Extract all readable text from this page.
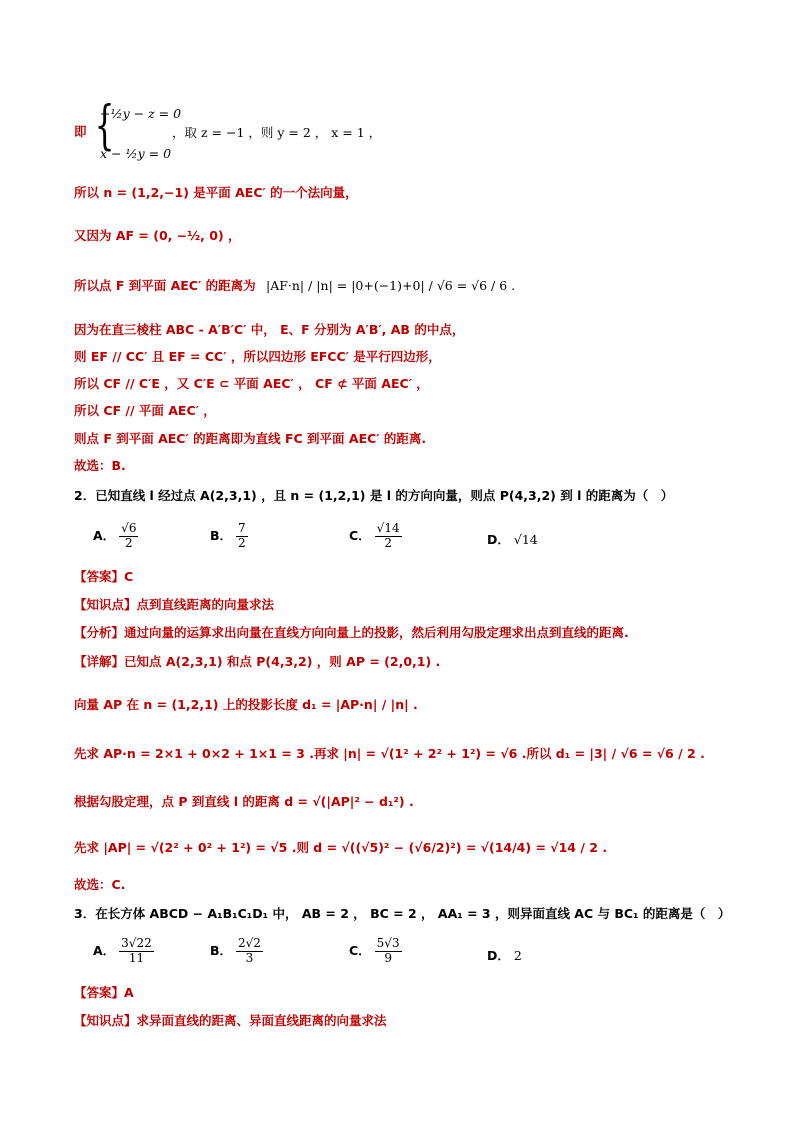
即 {
−½y − z = 0
x − ½y = 0
，取 z = −1 ，则 y = 2 ， x = 1 ，
所以 n = (1,2,−1) 是平面 AEC′ 的一个法向量，
又因为 AF = (0, −½, 0) ，
所以点 F 到平面 AEC′ 的距离为 |AF·n| / |n| = |0+(−1)+0| / √6 = √6 / 6 .
因为在直三棱柱 ABC - A′B′C′ 中， E、F 分别为 A′B′, AB 的中点，
则 EF // CC′ 且 EF = CC′ ，所以四边形 EFCC′ 是平行四边形，
所以 CF // C′E ，又 C′E ⊂ 平面 AEC′ ， CF ⊄ 平面 AEC′ ，
所以 CF // 平面 AEC′ ，
则点 F 到平面 AEC′ 的距离即为直线 FC 到平面 AEC′ 的距离.
故选：B.
2．已知直线 l 经过点 A(2,3,1) ，且 n = (1,2,1) 是 l 的方向向量，则点 P(4,3,2) 到 l 的距离为（　）
A． $\frac{√6}{2}$	B． $\frac{7}{2}$	C． $\frac{√14}{2}$	D． √14
【答案】C
【知识点】点到直线距离的向量求法
【分析】通过向量的运算求出向量在直线方向向量上的投影，然后利用勾股定理求出点到直线的距离.
【详解】已知点 A(2,3,1) 和点 P(4,3,2) ，则 AP = (2,0,1) .
向量 AP 在 n = (1,2,1) 上的投影长度 d₁ = |AP·n| / |n| .
先求 AP·n = 2×1 + 0×2 + 1×1 = 3 .再求 |n| = √(1² + 2² + 1²) = √6 .所以 d₁ = |3| / √6 = √6 / 2 .
根据勾股定理，点 P 到直线 l 的距离 d = √(|AP|² − d₁²) .
先求 |AP| = √(2² + 0² + 1²) = √5 .则 d = √((√5)² − (√6/2)²) = √(14/4) = √14 / 2 .
故选：C.
3．在长方体 ABCD − A₁B₁C₁D₁ 中， AB = 2 ， BC = 2 ， AA₁ = 3 ，则异面直线 AC 与 BC₁ 的距离是（　）
A． $\frac{3√22}{11}$	B． $\frac{2√2}{3}$	C． $\frac{5√3}{9}$	D． 2
【答案】A
【知识点】求异面直线的距离、异面直线距离的向量求法
